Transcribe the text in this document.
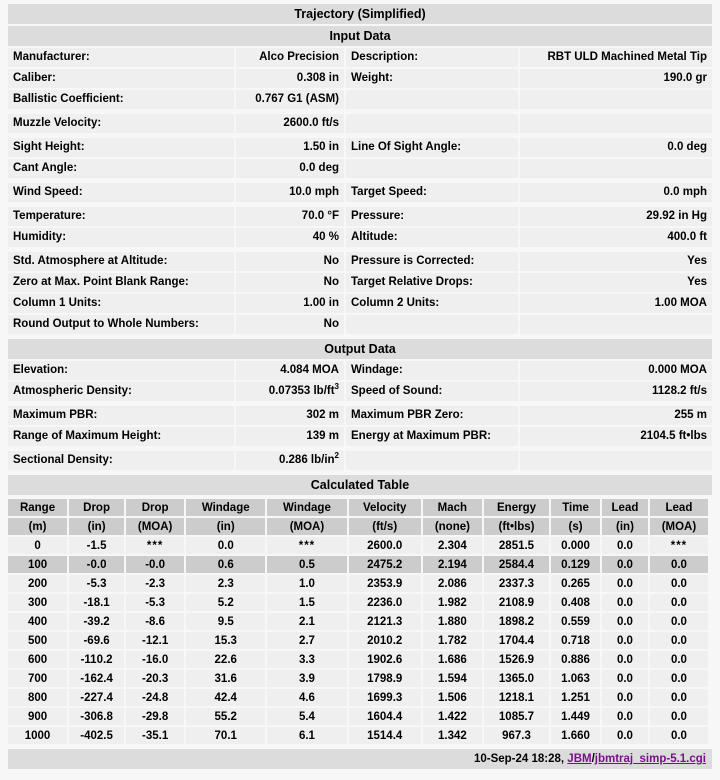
Trajectory (Simplified)
Input Data
Manufacturer:	Alco Precision	Description:	RBT ULD Machined Metal Tip
Caliber:	0.308 in	Weight:	190.0 gr
Ballistic Coefficient:	0.767 G1 (ASM)
Muzzle Velocity:	2600.0 ft/s
Sight Height:	1.50 in	Line Of Sight Angle:	0.0 deg
Cant Angle:	0.0 deg
Wind Speed:	10.0 mph	Target Speed:	0.0 mph
Temperature:	70.0 °F	Pressure:	29.92 in Hg
Humidity:	40 %	Altitude:	400.0 ft
Std. Atmosphere at Altitude:	No	Pressure is Corrected:	Yes
Zero at Max. Point Blank Range:	No	Target Relative Drops:	Yes
Column 1 Units:	1.00 in	Column 2 Units:	1.00 MOA
Round Output to Whole Numbers:	No
Output Data
Elevation:	4.084 MOA	Windage:	0.000 MOA
Atmospheric Density:	0.07353 $lb/ft^3$	Speed of Sound:	1128.2 ft/s
Maximum PBR:	302 m	Maximum PBR Zero:	255 m
Range of Maximum Height:	139 m	Energy at Maximum PBR:	2104.5 ft•lbs
Sectional Density:	0.286 $lb/in^2$
Calculated Table
Range	Drop	Drop	Windage	Windage	Velocity	Mach	Energy	Time	Lead	Lead
(m)	(in)	(MOA)	(in)	(MOA)	(ft/s)	(none)	(ft•lbs)	(s)	(in)	(MOA)
0	-1.5	***	0.0	***	2600.0	2.304	2851.5	0.000	0.0	***
100	-0.0	-0.0	0.6	0.5	2475.2	2.194	2584.4	0.129	0.0	0.0
200	-5.3	-2.3	2.3	1.0	2353.9	2.086	2337.3	0.265	0.0	0.0
300	-18.1	-5.3	5.2	1.5	2236.0	1.982	2108.9	0.408	0.0	0.0
400	-39.2	-8.6	9.5	2.1	2121.3	1.880	1898.2	0.559	0.0	0.0
500	-69.6	-12.1	15.3	2.7	2010.2	1.782	1704.4	0.718	0.0	0.0
600	-110.2	-16.0	22.6	3.3	1902.6	1.686	1526.9	0.886	0.0	0.0
700	-162.4	-20.3	31.6	3.9	1798.9	1.594	1365.0	1.063	0.0	0.0
800	-227.4	-24.8	42.4	4.6	1699.3	1.506	1218.1	1.251	0.0	0.0
900	-306.8	-29.8	55.2	5.4	1604.4	1.422	1085.7	1.449	0.0	0.0
1000	-402.5	-35.1	70.1	6.1	1514.4	1.342	967.3	1.660	0.0	0.0
10-Sep-24 18:28, JBM/jbmtraj_simp-5.1.cgi
